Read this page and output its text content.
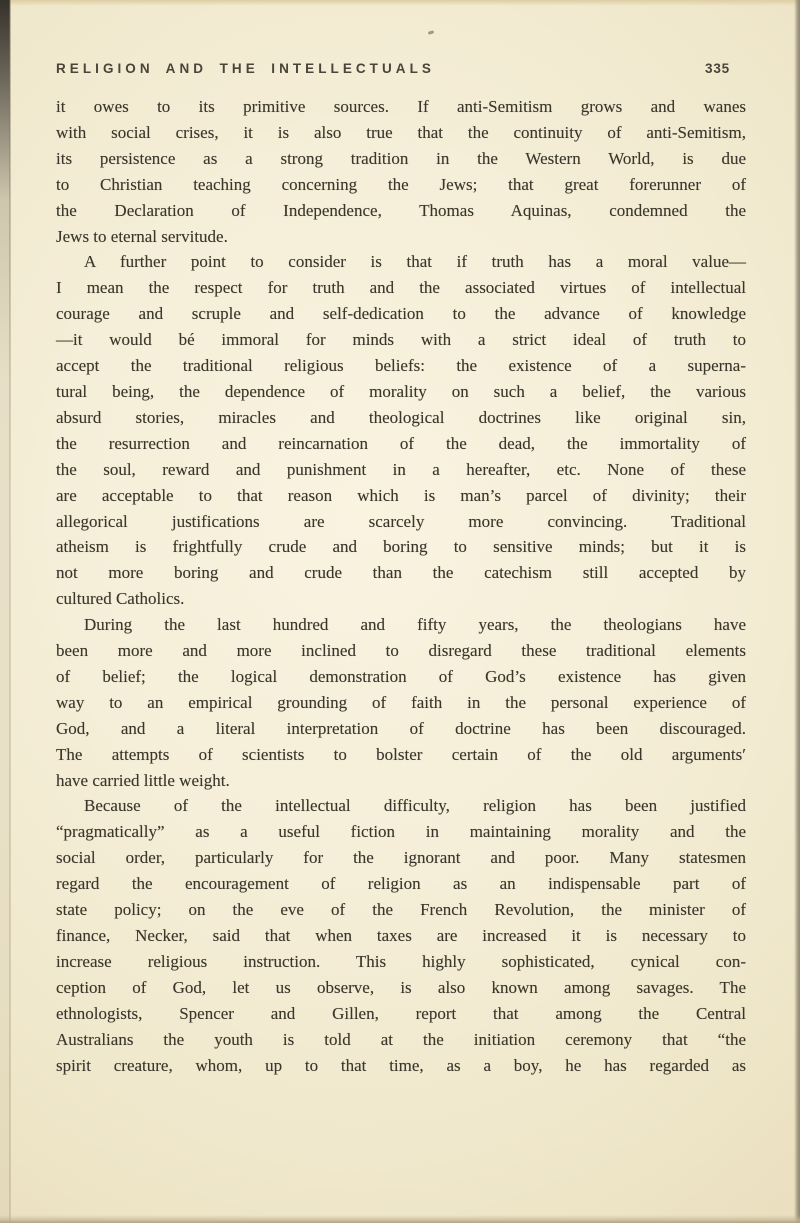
RELIGION AND THE INTELLECTUALS	335
it owes to its primitive sources. If anti-Semitism grows and wanes
with social crises, it is also true that the continuity of anti-Semitism,
its persistence as a strong tradition in the Western World, is due
to Christian teaching concerning the Jews; that great forerunner of
the Declaration of Independence, Thomas Aquinas, condemned the
Jews to eternal servitude.
A further point to consider is that if truth has a moral value—
I mean the respect for truth and the associated virtues of intellectual
courage and scruple and self-dedication to the advance of knowledge
—it would bé immoral for minds with a strict ideal of truth to
accept the traditional religious beliefs: the existence of a superna-
tural being, the dependence of morality on such a belief, the various
absurd stories, miracles and theological doctrines like original sin,
the resurrection and reincarnation of the dead, the immortality of
the soul, reward and punishment in a hereafter, etc. None of these
are acceptable to that reason which is man’s parcel of divinity; their
allegorical justifications are scarcely more convincing. Traditional
atheism is frightfully crude and boring to sensitive minds; but it is
not more boring and crude than the catechism still accepted by
cultured Catholics.
During the last hundred and fifty years, the theologians have
been more and more inclined to disregard these traditional elements
of belief; the logical demonstration of God’s existence has given
way to an empirical grounding of faith in the personal experience of
God, and a literal interpretation of doctrine has been discouraged.
The attempts of scientists to bolster certain of the old argumentsʹ
have carried little weight.
Because of the intellectual difficulty, religion has been justified
“pragmatically” as a useful fiction in maintaining morality and the
social order, particularly for the ignorant and poor. Many statesmen
regard the encouragement of religion as an indispensable part of
state policy; on the eve of the French Revolution, the minister of
finance, Necker, said that when taxes are increased it is necessary to
increase religious instruction. This highly sophisticated, cynical con-
ception of God, let us observe, is also known among savages. The
ethnologists, Spencer and Gillen, report that among the Central
Australians the youth is told at the initiation ceremony that “the
spirit creature, whom, up to that time, as a boy, he has regarded as
